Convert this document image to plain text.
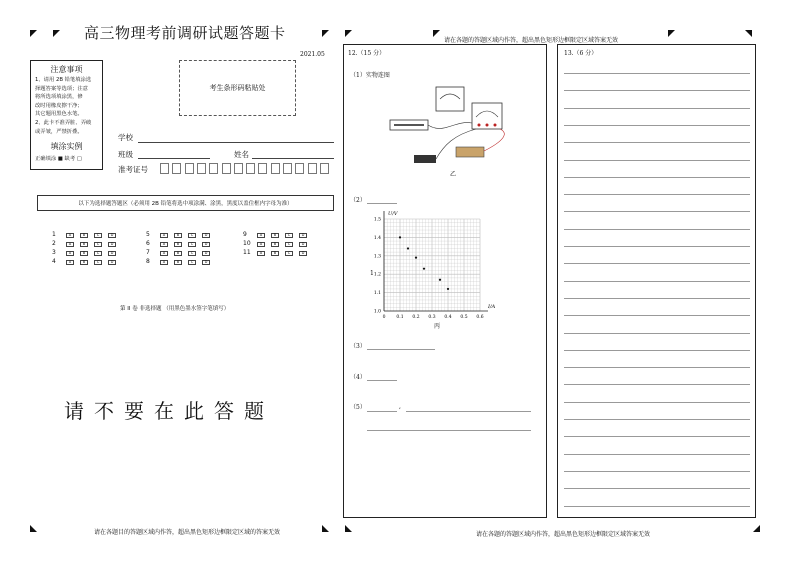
高三物理考前调研试题答题卡
2021.05
注意事项
1、请用 2B 铅笔填涂选
择题答案等选项；注意
将所选项填涂黑，修
改时用橡皮擦干净；
其它题用黑色水笔。
2、此卡不准弄脏、弄破
或弄皱，严禁折叠。
填涂实例
正确填涂 ■ 缺考 □
考生条形码粘贴处
学校
班级	姓名
准考证号
以下为选择题答题区（必须用 2B 铅笔将选中项涂满、涂黑，黑度以盖住框内字母为准）
1	A	B	C	D
2	A	B	C	D
3	A	B	C	D
4	A	B	C	D
5	A	B	C	D
6	A	B	C	D
7	A	B	C	D
8	A	B	C	D
9	A	B	C	D
10	A	B	C	D
11	A	B	C	D
第 II 卷 非选择题 （用黑色墨水签字笔填写）
请不要在此答题
请在各题目的答题区域内作答，超出黑色矩形边框限定区域的答案无效
请在各题的答题区域内作答，超出黑色矩形边框限定区域答案无效
请在各题的答题区域内作答，超出黑色矩形边框限定区域答案无效
12.（15 分）
（1）实物连图
乙
（2）
1
0 0.1 0.2 0.3 0.4 0.5 0.6
1.0
1.1
1.2
1.3
1.4
1.5
I/A
U/V
丙
（3）
（4）
（5）	,
13.（6 分）
